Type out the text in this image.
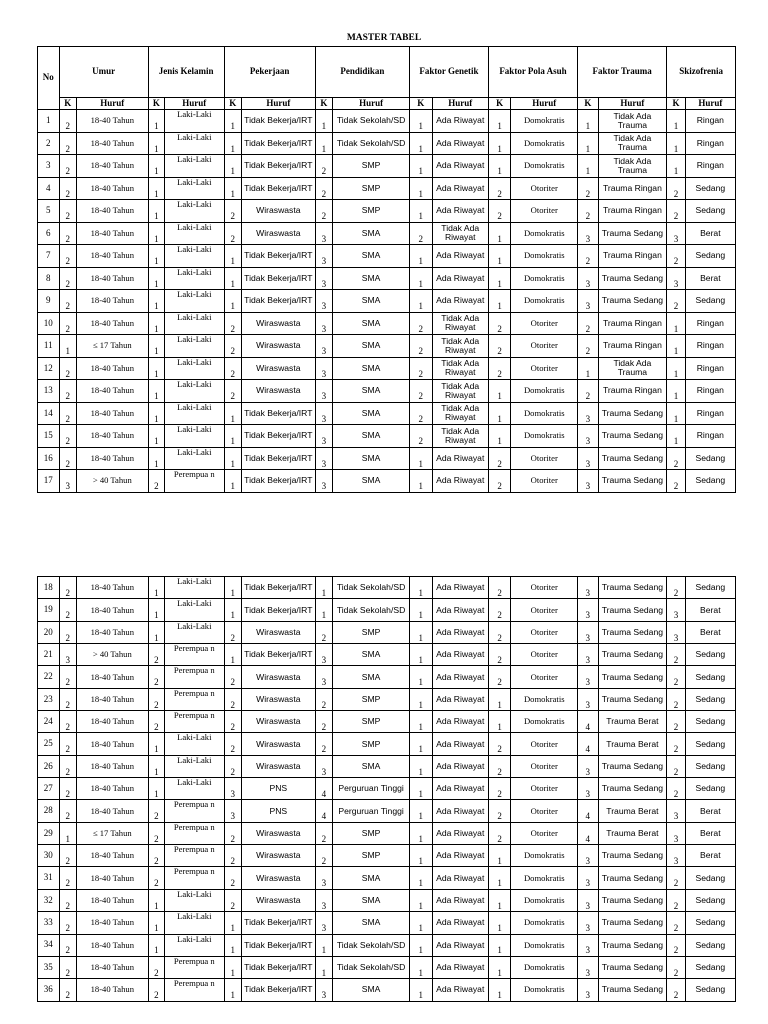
MASTER TABEL
No	Umur		Jenis Kelamin		Pekerjaan		Pendidikan		Faktor Genetik		Faktor Pola Asuh		Faktor Trauma		Skizofrenia	
	K	Huruf	K	Huruf	K	Huruf	K	Huruf	K	Huruf	K	Huruf	K	Huruf	K	Huruf
1	2	18-40 Tahun	1	Laki-Laki	1	Tidak Bekerja/IRT	1	Tidak Sekolah/SD	1	Ada Riwayat	1	Domokratis	1	Tidak Ada Trauma	1	Ringan
2	2	18-40 Tahun	1	Laki-Laki	1	Tidak Bekerja/IRT	1	Tidak Sekolah/SD	1	Ada Riwayat	1	Domokratis	1	Tidak Ada Trauma	1	Ringan
3	2	18-40 Tahun	1	Laki-Laki	1	Tidak Bekerja/IRT	2	SMP	1	Ada Riwayat	1	Domokratis	1	Tidak Ada Trauma	1	Ringan
4	2	18-40 Tahun	1	Laki-Laki	1	Tidak Bekerja/IRT	2	SMP	1	Ada Riwayat	2	Otoriter	2	Trauma Ringan	2	Sedang
5	2	18-40 Tahun	1	Laki-Laki	2	Wiraswasta	2	SMP	1	Ada Riwayat	2	Otoriter	2	Trauma Ringan	2	Sedang
6	2	18-40 Tahun	1	Laki-Laki	2	Wiraswasta	3	SMA	2	Tidak Ada Riwayat	1	Domokratis	3	Trauma Sedang	3	Berat
7	2	18-40 Tahun	1	Laki-Laki	1	Tidak Bekerja/IRT	3	SMA	1	Ada Riwayat	1	Domokratis	2	Trauma Ringan	2	Sedang
8	2	18-40 Tahun	1	Laki-Laki	1	Tidak Bekerja/IRT	3	SMA	1	Ada Riwayat	1	Domokratis	3	Trauma Sedang	3	Berat
9	2	18-40 Tahun	1	Laki-Laki	1	Tidak Bekerja/IRT	3	SMA	1	Ada Riwayat	1	Domokratis	3	Trauma Sedang	2	Sedang
10	2	18-40 Tahun	1	Laki-Laki	2	Wiraswasta	3	SMA	2	Tidak Ada Riwayat	2	Otoriter	2	Trauma Ringan	1	Ringan
11	1	≤ 17 Tahun	1	Laki-Laki	2	Wiraswasta	3	SMA	2	Tidak Ada Riwayat	2	Otoriter	2	Trauma Ringan	1	Ringan
12	2	18-40 Tahun	1	Laki-Laki	2	Wiraswasta	3	SMA	2	Tidak Ada Riwayat	2	Otoriter	1	Tidak Ada Trauma	1	Ringan
13	2	18-40 Tahun	1	Laki-Laki	2	Wiraswasta	3	SMA	2	Tidak Ada Riwayat	1	Domokratis	2	Trauma Ringan	1	Ringan
14	2	18-40 Tahun	1	Laki-Laki	1	Tidak Bekerja/IRT	3	SMA	2	Tidak Ada Riwayat	1	Domokratis	3	Trauma Sedang	1	Ringan
15	2	18-40 Tahun	1	Laki-Laki	1	Tidak Bekerja/IRT	3	SMA	2	Tidak Ada Riwayat	1	Domokratis	3	Trauma Sedang	1	Ringan
16	2	18-40 Tahun	1	Laki-Laki	1	Tidak Bekerja/IRT	3	SMA	1	Ada Riwayat	2	Otoriter	3	Trauma Sedang	2	Sedang
17	3	> 40 Tahun	2	Perempua n	1	Tidak Bekerja/IRT	3	SMA	1	Ada Riwayat	2	Otoriter	3	Trauma Sedang	2	Sedang
18	2	18-40 Tahun	1	Laki-Laki	1	Tidak Bekerja/IRT	1	Tidak Sekolah/SD	1	Ada Riwayat	2	Otoriter	3	Trauma Sedang	2	Sedang
19	2	18-40 Tahun	1	Laki-Laki	1	Tidak Bekerja/IRT	1	Tidak Sekolah/SD	1	Ada Riwayat	2	Otoriter	3	Trauma Sedang	3	Berat
20	2	18-40 Tahun	1	Laki-Laki	2	Wiraswasta	2	SMP	1	Ada Riwayat	2	Otoriter	3	Trauma Sedang	3	Berat
21	3	> 40 Tahun	2	Perempua n	1	Tidak Bekerja/IRT	3	SMA	1	Ada Riwayat	2	Otoriter	3	Trauma Sedang	2	Sedang
22	2	18-40 Tahun	2	Perempua n	2	Wiraswasta	3	SMA	1	Ada Riwayat	2	Otoriter	3	Trauma Sedang	2	Sedang
23	2	18-40 Tahun	2	Perempua n	2	Wiraswasta	2	SMP	1	Ada Riwayat	1	Domokratis	3	Trauma Sedang	2	Sedang
24	2	18-40 Tahun	2	Perempua n	2	Wiraswasta	2	SMP	1	Ada Riwayat	1	Domokratis	4	Trauma Berat	2	Sedang
25	2	18-40 Tahun	1	Laki-Laki	2	Wiraswasta	2	SMP	1	Ada Riwayat	2	Otoriter	4	Trauma Berat	2	Sedang
26	2	18-40 Tahun	1	Laki-Laki	2	Wiraswasta	3	SMA	1	Ada Riwayat	2	Otoriter	3	Trauma Sedang	2	Sedang
27	2	18-40 Tahun	1	Laki-Laki	3	PNS	4	Perguruan Tinggi	1	Ada Riwayat	2	Otoriter	3	Trauma Sedang	2	Sedang
28	2	18-40 Tahun	2	Perempua n	3	PNS	4	Perguruan Tinggi	1	Ada Riwayat	2	Otoriter	4	Trauma Berat	3	Berat
29	1	≤ 17 Tahun	2	Perempua n	2	Wiraswasta	2	SMP	1	Ada Riwayat	2	Otoriter	4	Trauma Berat	3	Berat
30	2	18-40 Tahun	2	Perempua n	2	Wiraswasta	2	SMP	1	Ada Riwayat	1	Domokratis	3	Trauma Sedang	3	Berat
31	2	18-40 Tahun	2	Perempua n	2	Wiraswasta	3	SMA	1	Ada Riwayat	1	Domokratis	3	Trauma Sedang	2	Sedang
32	2	18-40 Tahun	1	Laki-Laki	2	Wiraswasta	3	SMA	1	Ada Riwayat	1	Domokratis	3	Trauma Sedang	2	Sedang
33	2	18-40 Tahun	1	Laki-Laki	1	Tidak Bekerja/IRT	3	SMA	1	Ada Riwayat	1	Domokratis	3	Trauma Sedang	2	Sedang
34	2	18-40 Tahun	1	Laki-Laki	1	Tidak Bekerja/IRT	1	Tidak Sekolah/SD	1	Ada Riwayat	1	Domokratis	3	Trauma Sedang	2	Sedang
35	2	18-40 Tahun	2	Perempua n	1	Tidak Bekerja/IRT	1	Tidak Sekolah/SD	1	Ada Riwayat	1	Domokratis	3	Trauma Sedang	2	Sedang
36	2	18-40 Tahun	2	Perempua n	1	Tidak Bekerja/IRT	3	SMA	1	Ada Riwayat	1	Domokratis	3	Trauma Sedang	2	Sedang
